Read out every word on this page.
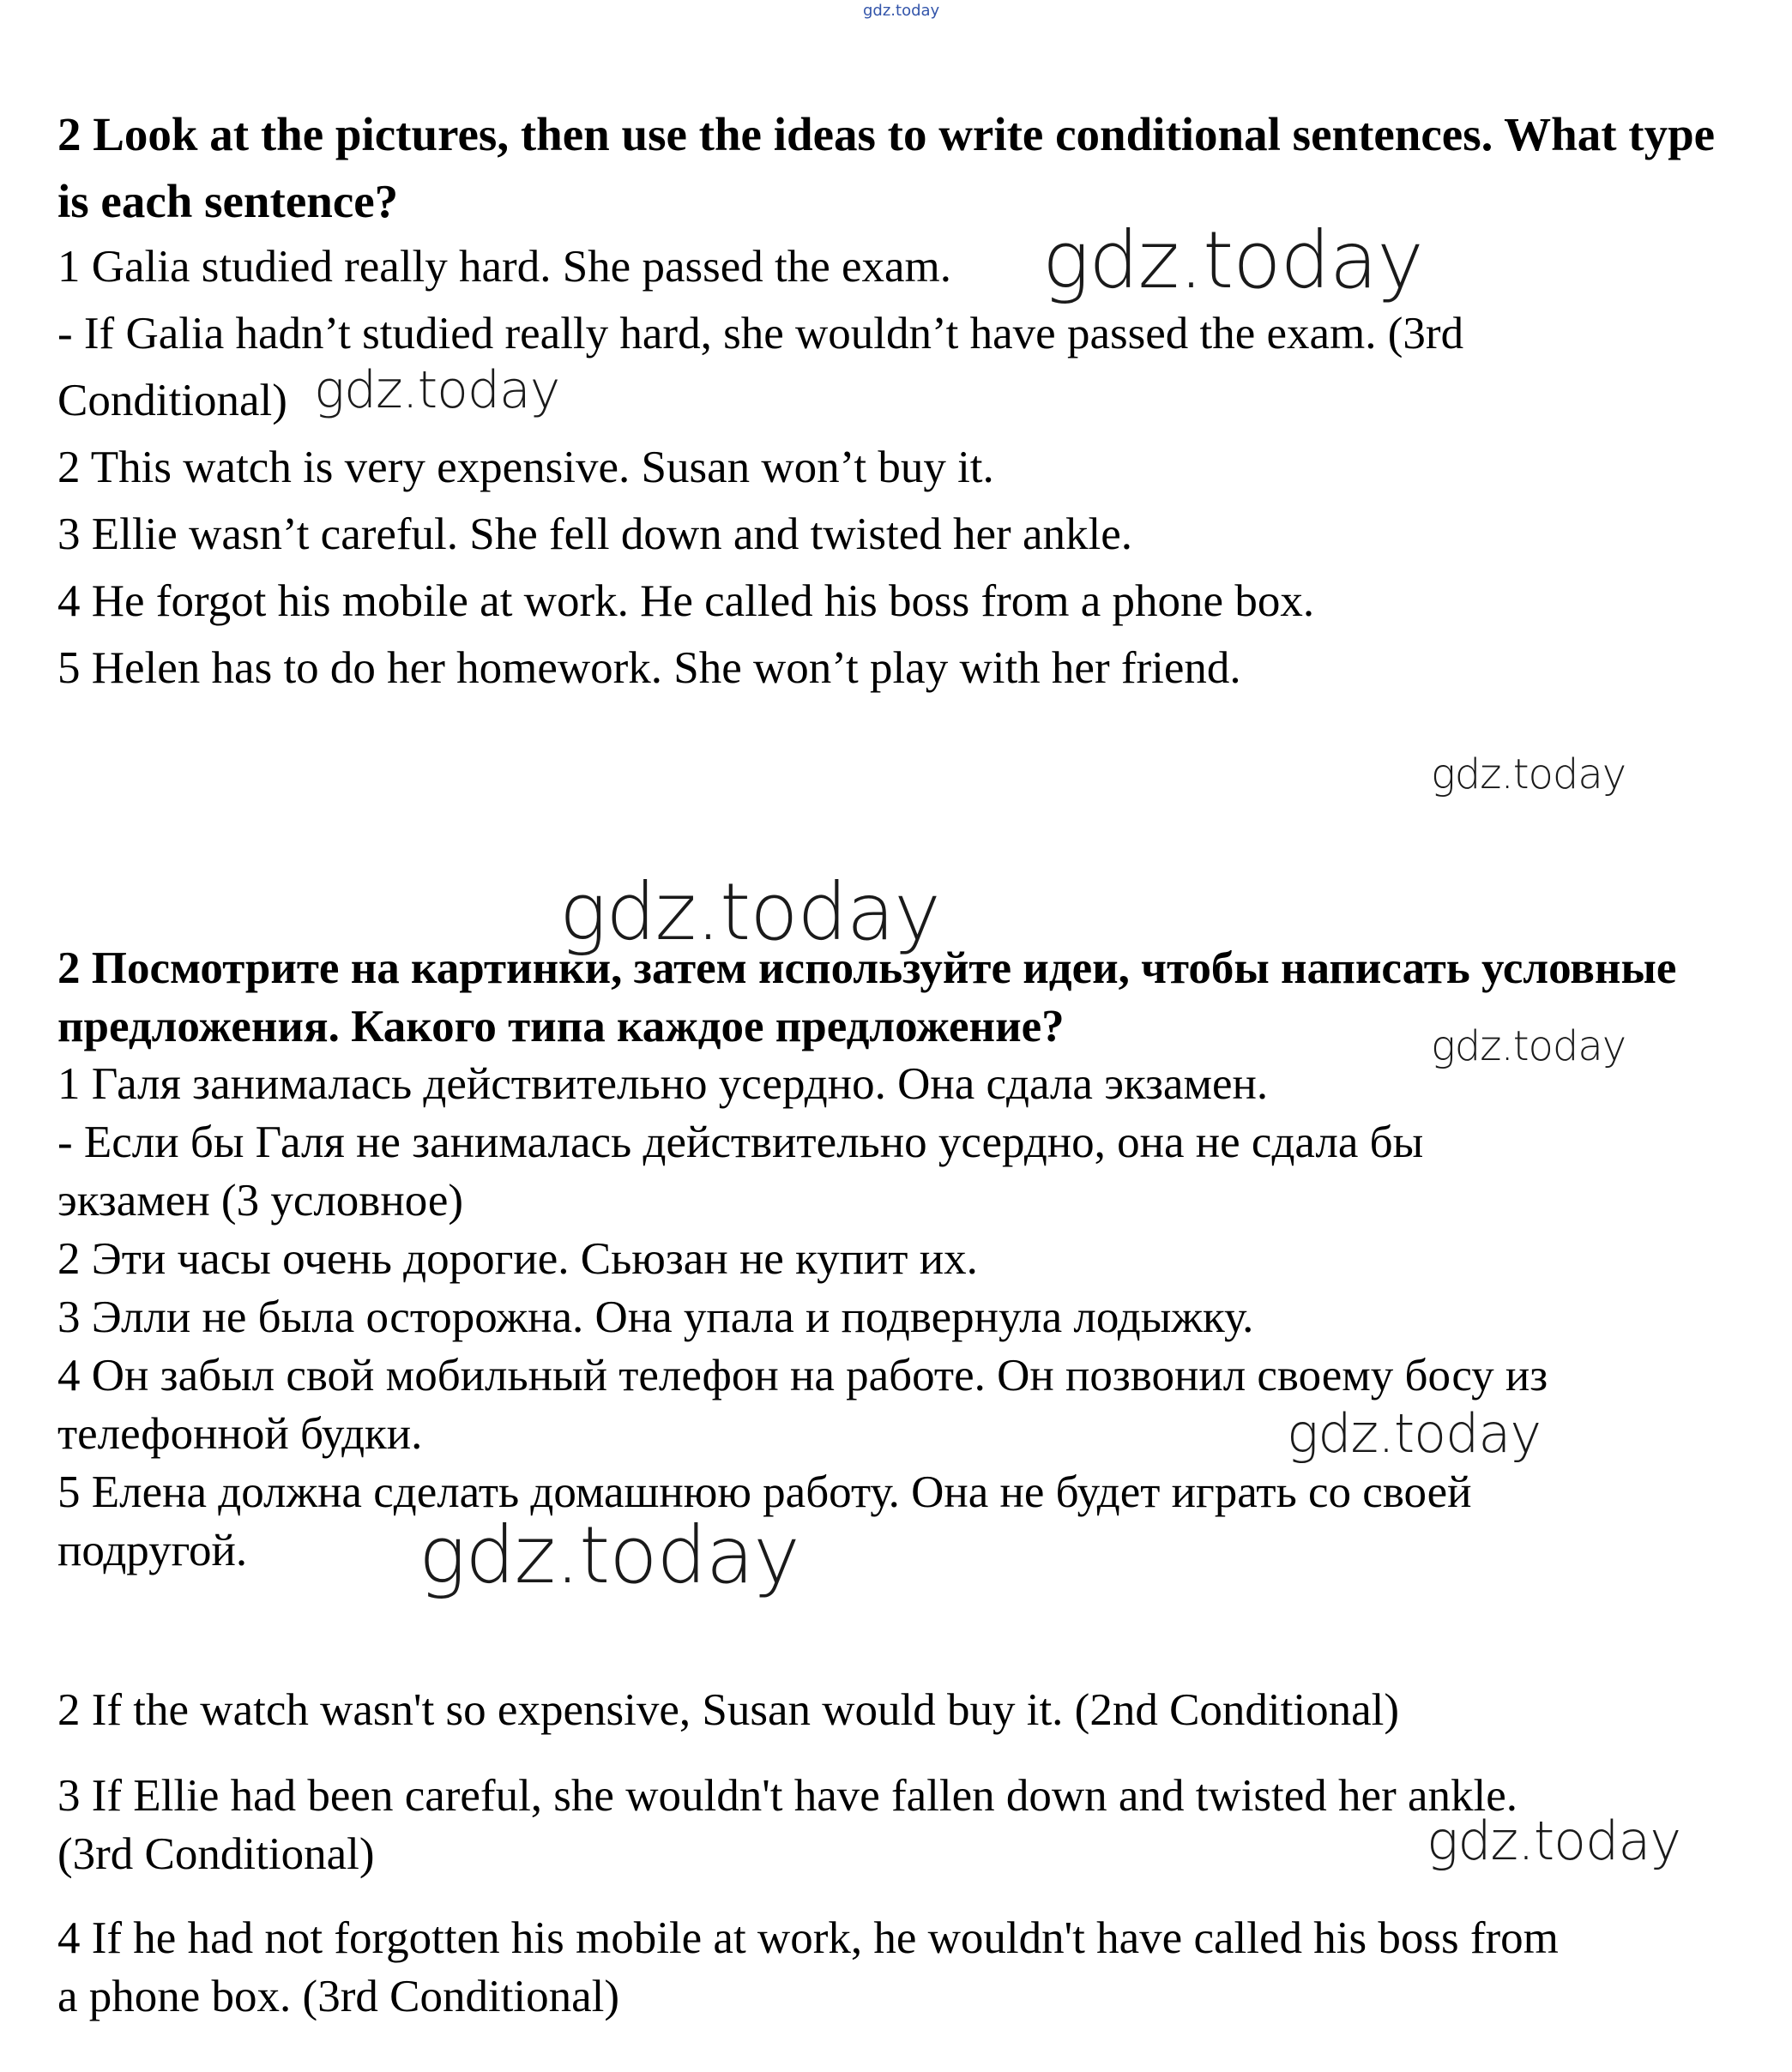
gdz.today
2 Look at the pictures, then use the ideas to write conditional sentences. What type is each sentence?
1 Galia studied really hard. She passed the exam.
- If Galia hadn’t studied really hard, she wouldn’t have passed the exam. (3rd
Conditional)
2 This watch is very expensive. Susan won’t buy it.
3 Ellie wasn’t careful. She fell down and twisted her ankle.
4 He forgot his mobile at work. He called his boss from a phone box.
5 Helen has to do her homework. She won’t play with her friend.
2 Посмотрите на картинки, затем используйте идеи, чтобы написать условные предложения. Какого типа каждое предложение?
1 Галя занималась действительно усердно. Она сдала экзамен.
- Если бы Галя не занималась действительно усердно, она не сдала бы
экзамен (3 условное)
2 Эти часы очень дорогие. Сьюзан не купит их.
3 Элли не была осторожна. Она упала и подвернула лодыжку.
4 Он забыл свой мобильный телефон на работе. Он позвонил своему босу из
телефонной будки.
5 Елена должна сделать домашнюю работу. Она не будет играть со своей
подругой.
2 If the watch wasn't so expensive, Susan would buy it. (2nd Conditional)
3 If Ellie had been careful, she wouldn't have fallen down and twisted her ankle.
(3rd Conditional)
4 If he had not forgotten his mobile at work, he wouldn't have called his boss from
a phone box. (3rd Conditional)
gdz.today
gdz.today
gdz.today
gdz.today
gdz.today
gdz.today
gdz.today
gdz.today
